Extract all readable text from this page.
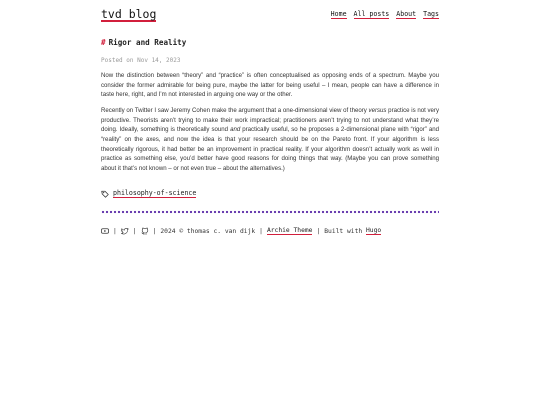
tvd blog	Home All posts About Tags
# Rigor and Reality
Posted on Nov 14, 2023

Now the distinction between “theory” and “practice” is often conceptualised as opposing ends of a spectrum. Maybe you consider the former admirable for being pure, maybe the latter for being useful – I mean, people can have a difference in taste here, right, and I’m not interested in arguing one way or the other.

Recently on Twitter I saw Jeremy Cohen make the argument that a one-dimensional view of theory versus practice is not very productive. Theorists aren’t trying to make their work impractical; practitioners aren’t trying to not understand what they’re doing. Ideally, something is theoretically sound and practically useful, so he proposes a 2-dimensional plane with “rigor” and “reality” on the axes, and now the idea is that your research should be on the Pareto front. If your algorithm is less theoretically rigorous, it had better be an improvement in practical reality. If your algorithm doesn’t actually work as well in practice as something else, you’d better have good reasons for doing things that way. (Maybe you can prove something about it that’s not known – or not even true – about the alternatives.)

philosophy-of-science
|	|	| 2024 © thomas c. van dijk | Archie Theme | Built with
Hugo
